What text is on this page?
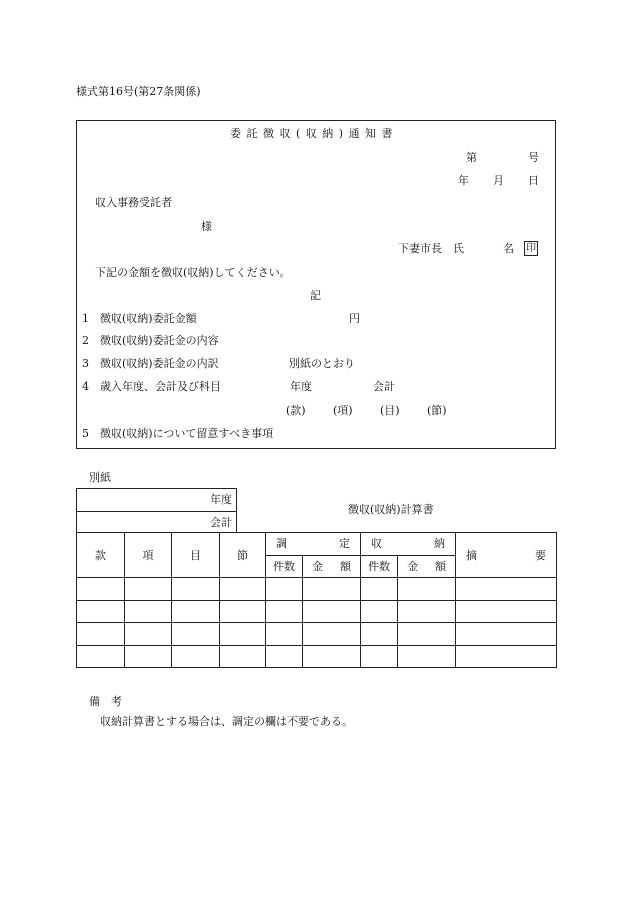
様式第16号(第27条関係)
委 託 徴 収 ( 収 納 ) 通 知 書
第	号
年 月 日
収入事務受託者
様
下妻市長　氏	名 印
下記の金額を徴収(収納)してください。
記
1 徴収(収納)委託金額	円
2 徴収(収納)委託金の内容
3 徴収(収納)委託金の内訳	別紙のとおり
4 歳入年度、会計及び科目	年度	会計
(款) (項) (目) (節)
5 徴収(収納)について留意すべき事項
別紙
年度
会計
徴収(収納)計算書
款	項	目	節	調 定		収 納		摘 要

				件数	金 額	件数	金 額	

備　考
収納計算書とする場合は、調定の欄は不要である。
